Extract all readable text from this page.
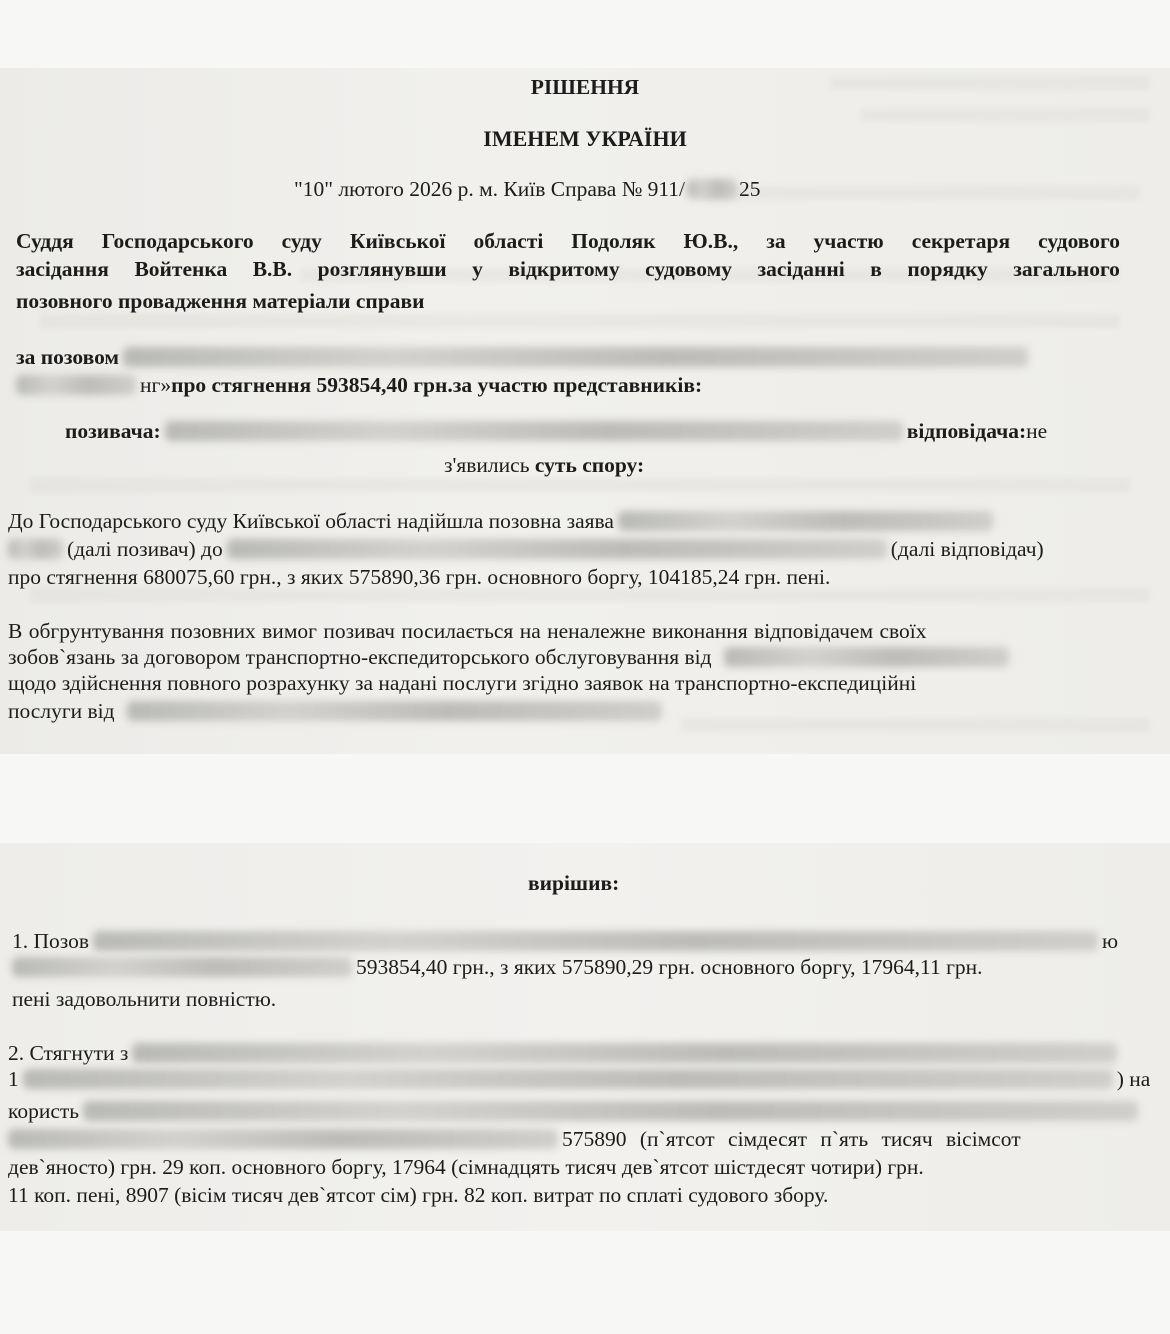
РІШЕННЯ
ІМЕНЕМ УКРАЇНИ
"10" лютого 2026 р. м. Київ Справа № 911/	25
Суддя Господарського суду Київської області Подоляк Ю.В., за участю секретаря судового
засідання Войтенка В.В. розглянувши у відкритому судовому засіданні в порядку загального
позовного провадження матеріали справи
за позовом
нг»про стягнення 593854,40 грн.за участю представників:
позивача:	відповідача:не
з'явились суть спору:
До Господарського суду Київської області надійшла позовна заява
(далі позивач) до	(далі відповідач)
про стягнення 680075,60 грн., з яких 575890,36 грн. основного боргу, 104185,24 грн. пені.
В обгрунтування позовних вимог позивач посилається на неналежне виконання відповідачем своїх
зобов`язань за договором транспортно-експедиторського обслуговування від
щодо здійснення повного розрахунку за надані послуги згідно заявок на транспортно-експедиційні
послуги від
вирішив:
1. Позов	ю
593854,40 грн., з яких 575890,29 грн. основного боргу, 17964,11 грн.
пені задовольнити повністю.
2. Стягнути з
1	) на
користь
575890 (п`ятсот сімдесят п`ять тисяч вісімсот
дев`яносто) грн. 29 коп. основного боргу, 17964 (сімнадцять тисяч дев`ятсот шістдесят чотири) грн.
11 коп. пені, 8907 (вісім тисяч дев`ятсот сім) грн. 82 коп. витрат по сплаті судового збору.
